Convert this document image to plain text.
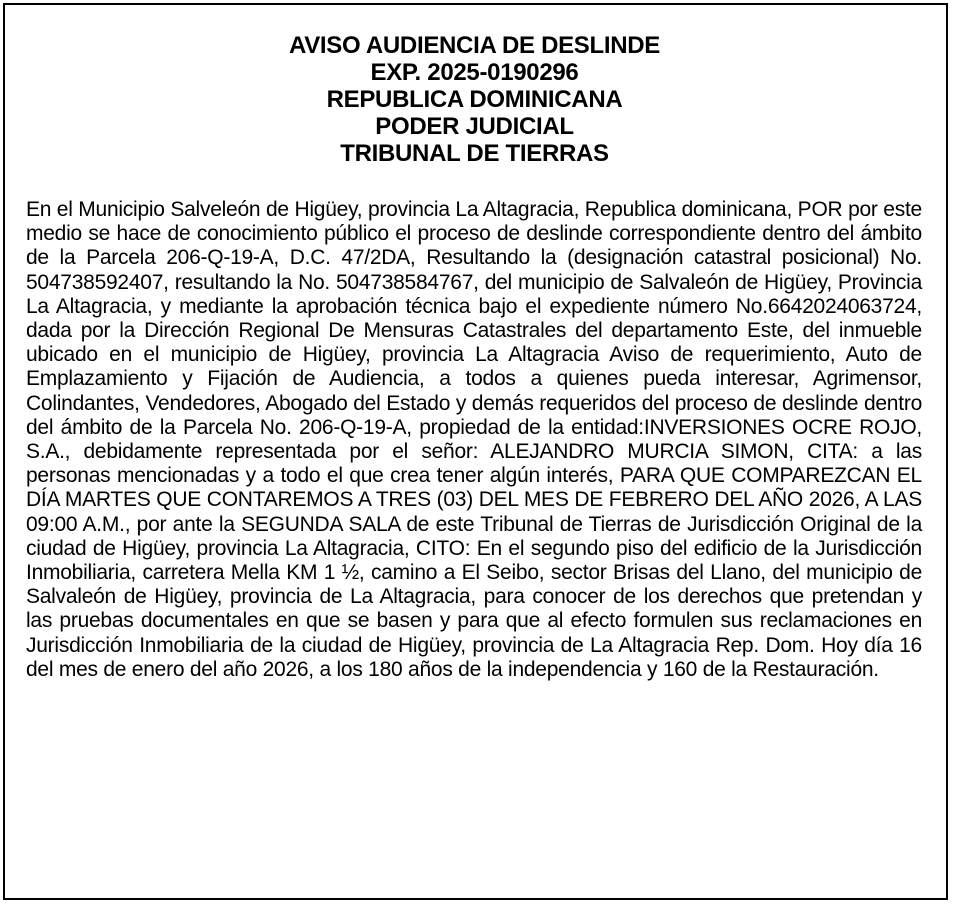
AVISO AUDIENCIA DE DESLINDE
EXP. 2025-0190296
REPUBLICA DOMINICANA
PODER JUDICIAL
TRIBUNAL DE TIERRAS

En el Municipio Salveleón de Higüey, provincia La Altagracia, Republica dominicana, POR por este medio se hace de conocimiento público el proceso de deslinde correspondiente dentro del ámbito de la Parcela 206-Q-19-A, D.C. 47/2DA, Resultando la (designación catastral posicional) No. 504738592407, resultando la No. 504738584767, del municipio de Salvaleón de Higüey, Provincia La Altagracia, y mediante la aprobación técnica bajo el expediente número No.6642024063724, dada por la Dirección Regional De Mensuras Catastrales del departamento Este, del inmueble ubicado en el municipio de Higüey, provincia La Altagracia Aviso de requerimiento, Auto de Emplazamiento y Fijación de Audiencia, a todos a quienes pueda interesar, Agrimensor, Colindantes, Vendedores, Abogado del Estado y demás requeridos del proceso de deslinde dentro del ámbito de la Parcela No. 206-Q-19-A, propiedad de la entidad:INVERSIONES OCRE ROJO, S.A., debidamente representada por el señor: ALEJANDRO MURCIA SIMON, CITA: a las personas mencionadas y a todo el que crea tener algún interés, PARA QUE COMPAREZCAN EL DÍA MARTES QUE CONTAREMOS A TRES (03) DEL MES DE FEBRERO DEL AÑO 2026, A LAS 09:00 A.M., por ante la SEGUNDA SALA de este Tribunal de Tierras de Jurisdicción Original de la ciudad de Higüey, provincia La Altagracia, CITO: En el segundo piso del edificio de la Jurisdicción Inmobiliaria, carretera Mella KM 1 ½, camino a El Seibo, sector Brisas del Llano, del municipio de Salvaleón de Higüey, provincia de La Altagracia, para conocer de los derechos que pretendan y las pruebas documentales en que se basen y para que al efecto formulen sus reclamaciones en Jurisdicción Inmobiliaria de la ciudad de Higüey, provincia de La Altagracia Rep. Dom. Hoy día 16 del mes de enero del año 2026, a los 180 años de la independencia y 160 de la Restauración.
